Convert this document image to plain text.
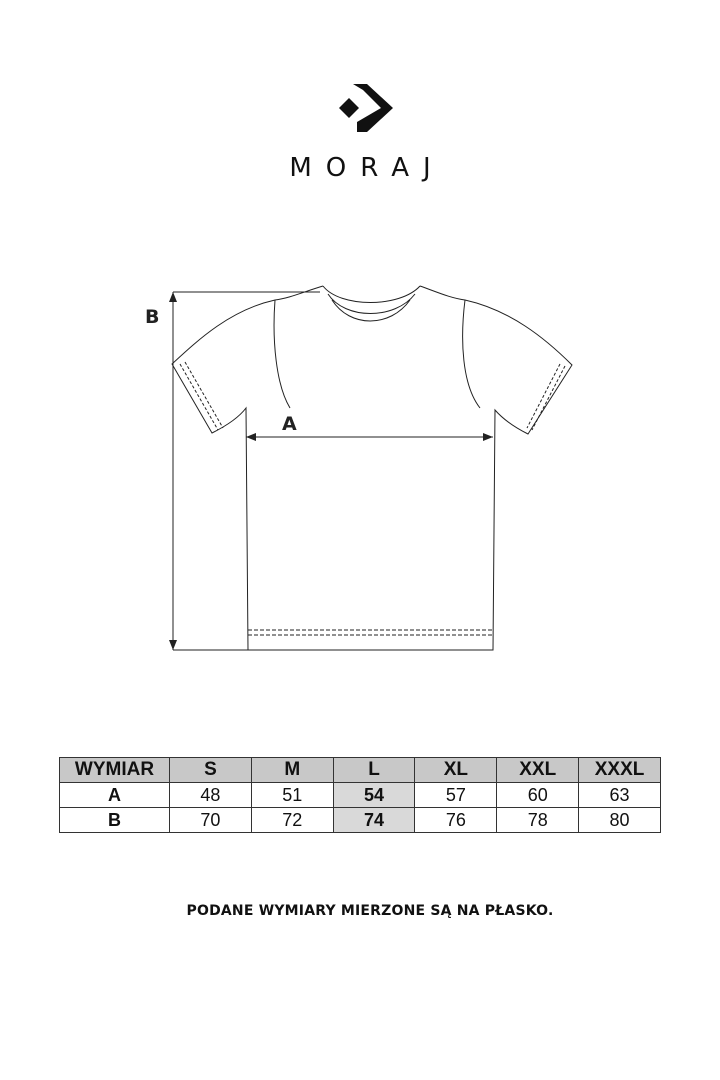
MORAJ
B
A
WYMIAR	S	M	L	XL	XXL	XXXL
A	48	51	54	57	60	63
B	70	72	74	76	78	80
PODANE WYMIARY MIERZONE SĄ NA PŁASKO.
